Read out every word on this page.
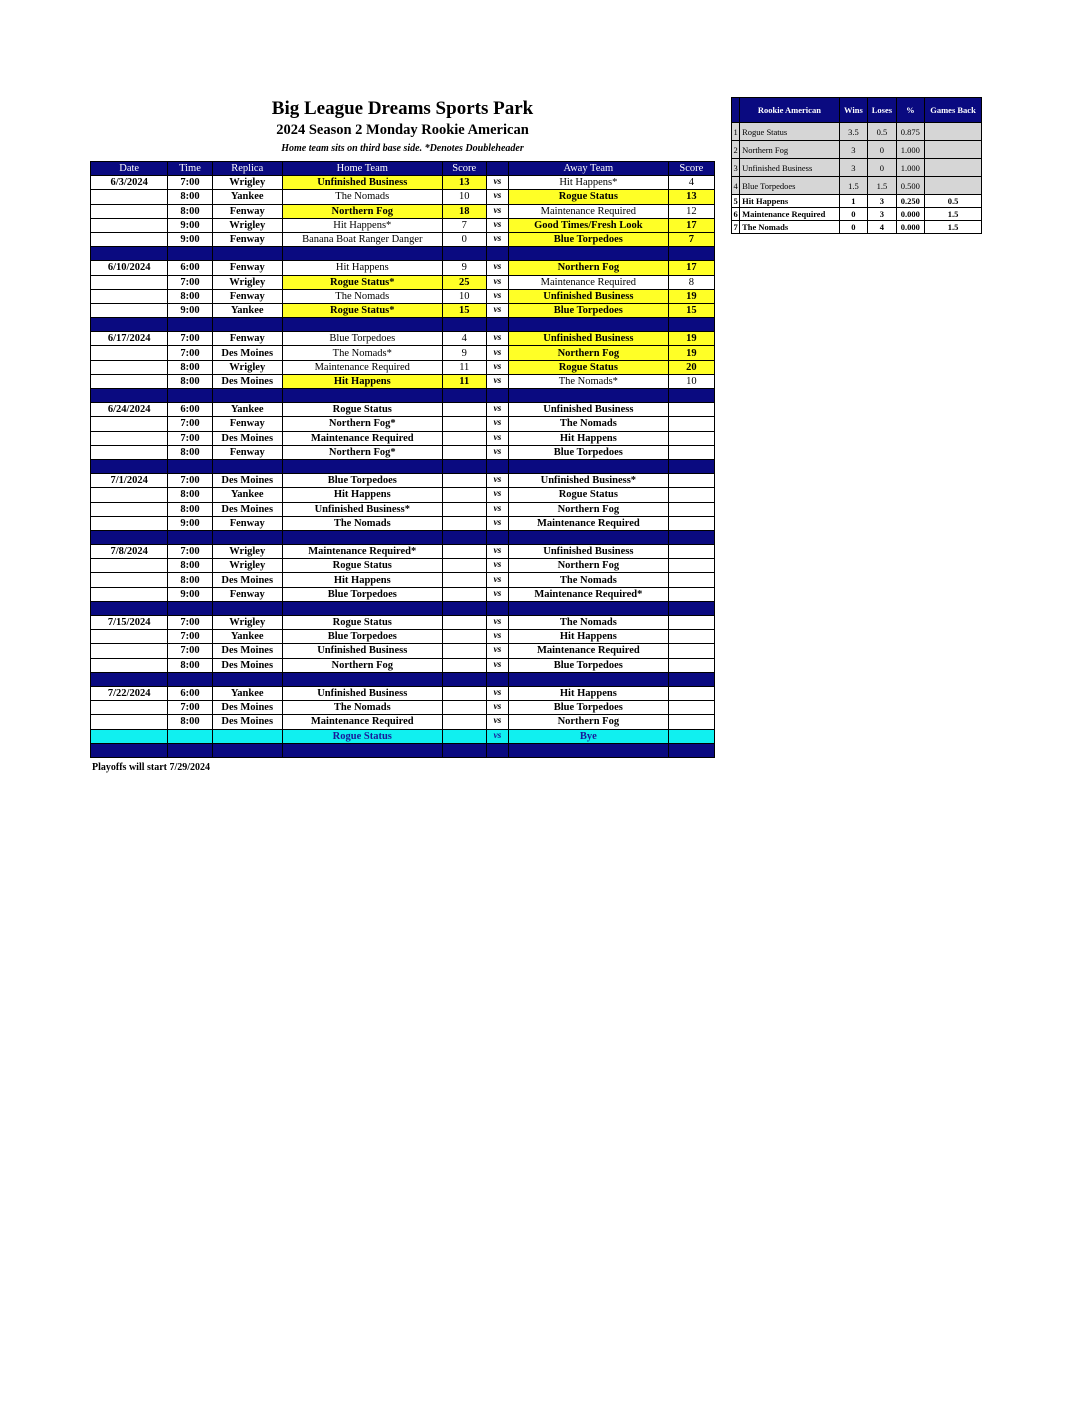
Big League Dreams Sports Park
2024 Season 2 Monday Rookie American
Home team sits on third base side. *Denotes Doubleheader
Date	Time	Replica	Home Team	Score		Away Team	Score
6/3/2024	7:00	Wrigley	Unfinished Business	13	vs	Hit Happens*	4
	8:00	Yankee	The Nomads	10	vs	Rogue Status	13
	8:00	Fenway	Northern Fog	18	vs	Maintenance Required	12
	9:00	Wrigley	Hit Happens*	7	vs	Good Times/Fresh Look	17
	9:00	Fenway	Banana Boat Ranger Danger	0	vs	Blue Torpedoes	7

6/10/2024	6:00	Fenway	Hit Happens	9	vs	Northern Fog	17
	7:00	Wrigley	Rogue Status*	25	vs	Maintenance Required	8
	8:00	Fenway	The Nomads	10	vs	Unfinished Business	19
	9:00	Yankee	Rogue Status*	15	vs	Blue Torpedoes	15

6/17/2024	7:00	Fenway	Blue Torpedoes	4	vs	Unfinished Business	19
	7:00	Des Moines	The Nomads*	9	vs	Northern Fog	19
	8:00	Wrigley	Maintenance Required	11	vs	Rogue Status	20
	8:00	Des Moines	Hit Happens	11	vs	The Nomads*	10

6/24/2024	6:00	Yankee	Rogue Status		vs	Unfinished Business	
	7:00	Fenway	Northern Fog*		vs	The Nomads	
	7:00	Des Moines	Maintenance Required		vs	Hit Happens	
	8:00	Fenway	Northern Fog*		vs	Blue Torpedoes	

7/1/2024	7:00	Des Moines	Blue Torpedoes		vs	Unfinished Business*	
	8:00	Yankee	Hit Happens		vs	Rogue Status	
	8:00	Des Moines	Unfinished Business*		vs	Northern Fog	
	9:00	Fenway	The Nomads		vs	Maintenance Required	

7/8/2024	7:00	Wrigley	Maintenance Required*		vs	Unfinished Business	
	8:00	Wrigley	Rogue Status		vs	Northern Fog	
	8:00	Des Moines	Hit Happens		vs	The Nomads	
	9:00	Fenway	Blue Torpedoes		vs	Maintenance Required*	

7/15/2024	7:00	Wrigley	Rogue Status		vs	The Nomads	
	7:00	Yankee	Blue Torpedoes		vs	Hit Happens	
	7:00	Des Moines	Unfinished Business		vs	Maintenance Required	
	8:00	Des Moines	Northern Fog		vs	Blue Torpedoes	

7/22/2024	6:00	Yankee	Unfinished Business		vs	Hit Happens	
	7:00	Des Moines	The Nomads		vs	Blue Torpedoes	
	8:00	Des Moines	Maintenance Required		vs	Northern Fog	
			Rogue Status		vs	Bye	

Playoffs will start 7/29/2024
	Rookie American	Wins	Loses	%	Games Back
1	Rogue Status	3.5	0.5	0.875	
2	Northern Fog	3	0	1.000	
3	Unfinished Business	3	0	1.000	
4	Blue Torpedoes	1.5	1.5	0.500	
5	Hit Happens	1	3	0.250	0.5
6	Maintenance Required	0	3	0.000	1.5
7	The Nomads	0	4	0.000	1.5
